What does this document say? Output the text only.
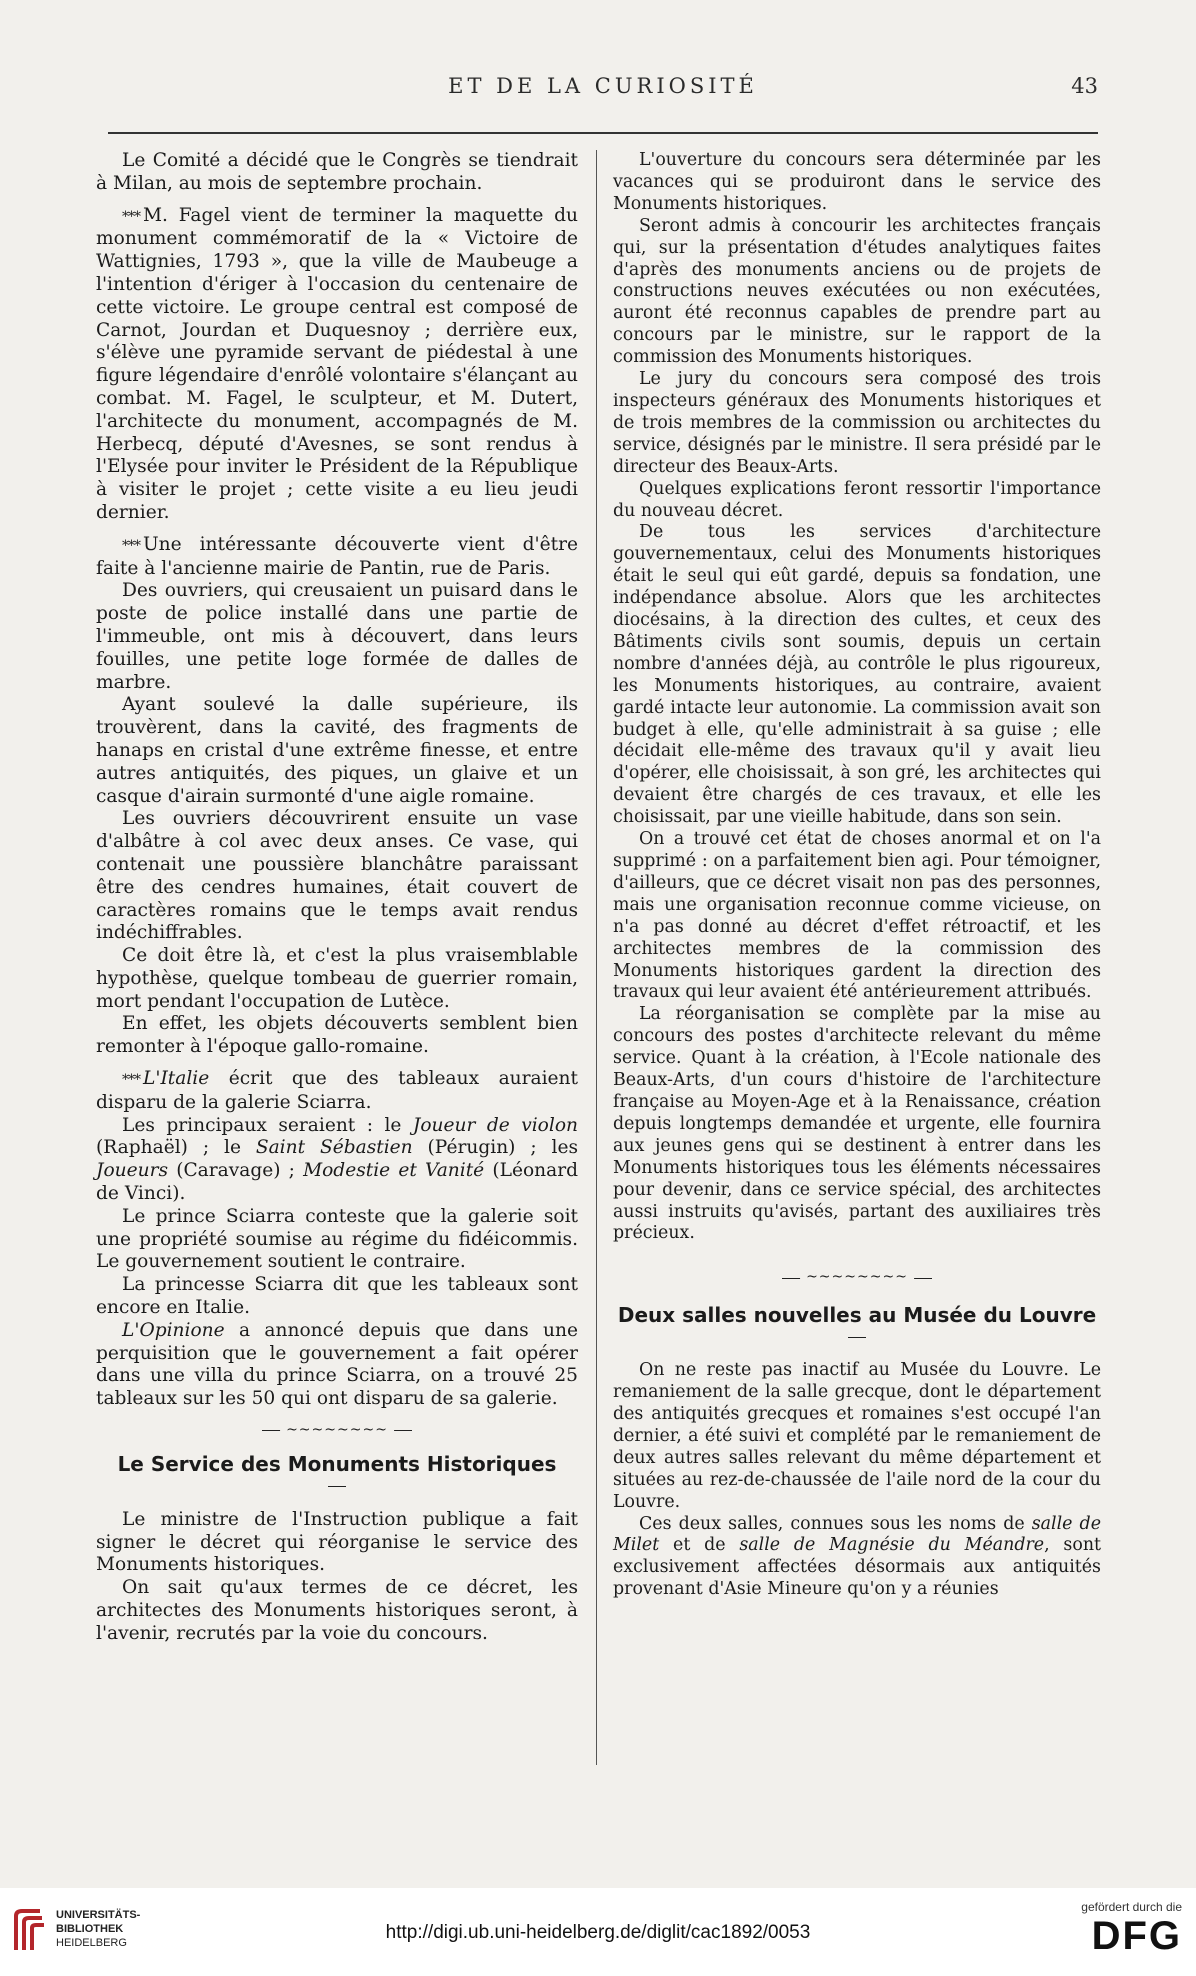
ET DE LA CURIOSITÉ	43

Le Comité a décidé que le Congrès se tiendrait à Milan, au mois de septembre prochain.

*** M. Fagel vient de terminer la maquette du monument commémoratif de la « Victoire de Wattignies, 1793 », que la ville de Maubeuge a l'intention d'ériger à l'occasion du centenaire de cette victoire. Le groupe central est composé de Carnot, Jourdan et Duquesnoy ; derrière eux, s'élève une pyramide servant de piédestal à une figure légendaire d'enrôlé volontaire s'élançant au combat. M. Fagel, le sculpteur, et M. Dutert, l'architecte du monument, accompagnés de M. Herbecq, député d'Avesnes, se sont rendus à l'Elysée pour inviter le Président de la République à visiter le projet ; cette visite a eu lieu jeudi dernier.

*** Une intéressante découverte vient d'être faite à l'ancienne mairie de Pantin, rue de Paris.

Des ouvriers, qui creusaient un puisard dans le poste de police installé dans une partie de l'immeuble, ont mis à découvert, dans leurs fouilles, une petite loge formée de dalles de marbre.

Ayant soulevé la dalle supérieure, ils trouvèrent, dans la cavité, des fragments de hanaps en cristal d'une extrême finesse, et entre autres antiquités, des piques, un glaive et un casque d'airain surmonté d'une aigle romaine.

Les ouvriers découvrirent ensuite un vase d'albâtre à col avec deux anses. Ce vase, qui contenait une poussière blanchâtre paraissant être des cendres humaines, était couvert de caractères romains que le temps avait rendus indéchiffrables.

Ce doit être là, et c'est la plus vraisemblable hypothèse, quelque tombeau de guerrier romain, mort pendant l'occupation de Lutèce.

En effet, les objets découverts semblent bien remonter à l'époque gallo-romaine.

*** L'Italie écrit que des tableaux auraient disparu de la galerie Sciarra.

Les principaux seraient : le Joueur de violon (Raphaël) ; le Saint Sébastien (Pérugin) ; les Joueurs (Caravage) ; Modestie et Vanité (Léonard de Vinci).

Le prince Sciarra conteste que la galerie soit une propriété soumise au régime du fidéicommis. Le gouvernement soutient le contraire.

La princesse Sciarra dit que les tableaux sont encore en Italie.

L'Opinione a annoncé depuis que dans une perquisition que le gouvernement a fait opérer dans une villa du prince Sciarra, on a trouvé 25 tableaux sur les 50 qui ont disparu de sa galerie.

~~~~~~~~

Le Service des Monuments Historiques

Le ministre de l'Instruction publique a fait signer le décret qui réorganise le service des Monuments historiques.

On sait qu'aux termes de ce décret, les architectes des Monuments historiques seront, à l'avenir, recrutés par la voie du concours.

L'ouverture du concours sera déterminée par les vacances qui se produiront dans le service des Monuments historiques.

Seront admis à concourir les architectes français qui, sur la présentation d'études analytiques faites d'après des monuments anciens ou de projets de constructions neuves exécutées ou non exécutées, auront été reconnus capables de prendre part au concours par le ministre, sur le rapport de la commission des Monuments historiques.

Le jury du concours sera composé des trois inspecteurs généraux des Monuments historiques et de trois membres de la commission ou architectes du service, désignés par le ministre. Il sera présidé par le directeur des Beaux-Arts.

Quelques explications feront ressortir l'importance du nouveau décret.

De tous les services d'architecture gouvernementaux, celui des Monuments historiques était le seul qui eût gardé, depuis sa fondation, une indépendance absolue. Alors que les architectes diocésains, à la direction des cultes, et ceux des Bâtiments civils sont soumis, depuis un certain nombre d'années déjà, au contrôle le plus rigoureux, les Monuments historiques, au contraire, avaient gardé intacte leur autonomie. La commission avait son budget à elle, qu'elle administrait à sa guise ; elle décidait elle-même des travaux qu'il y avait lieu d'opérer, elle choisissait, à son gré, les architectes qui devaient être chargés de ces travaux, et elle les choisissait, par une vieille habitude, dans son sein.

On a trouvé cet état de choses anormal et on l'a supprimé : on a parfaitement bien agi. Pour témoigner, d'ailleurs, que ce décret visait non pas des personnes, mais une organisation reconnue comme vicieuse, on n'a pas donné au décret d'effet rétroactif, et les architectes membres de la commission des Monuments historiques gardent la direction des travaux qui leur avaient été antérieurement attribués.

La réorganisation se complète par la mise au concours des postes d'architecte relevant du même service. Quant à la création, à l'Ecole nationale des Beaux-Arts, d'un cours d'histoire de l'architecture française au Moyen-Age et à la Renaissance, création depuis longtemps demandée et urgente, elle fournira aux jeunes gens qui se destinent à entrer dans les Monuments historiques tous les éléments nécessaires pour devenir, dans ce service spécial, des architectes aussi instruits qu'avisés, partant des auxiliaires très précieux.

~~~~~~~~

Deux salles nouvelles au Musée du Louvre

On ne reste pas inactif au Musée du Louvre. Le remaniement de la salle grecque, dont le département des antiquités grecques et romaines s'est occupé l'an dernier, a été suivi et complété par le remaniement de deux autres salles relevant du même département et situées au rez-de-chaussée de l'aile nord de la cour du Louvre.

Ces deux salles, connues sous les noms de salle de Milet et de salle de Magnésie du Méandre, sont exclusivement affectées désormais aux antiquités provenant d'Asie Mineure qu'on y a réunies

UNIVERSITÄTS-
BIBLIOTHEK
HEIDELBERG	http://digi.ub.uni-heidelberg.de/diglit/cac1892/0053
gefördert durch die
DFG
